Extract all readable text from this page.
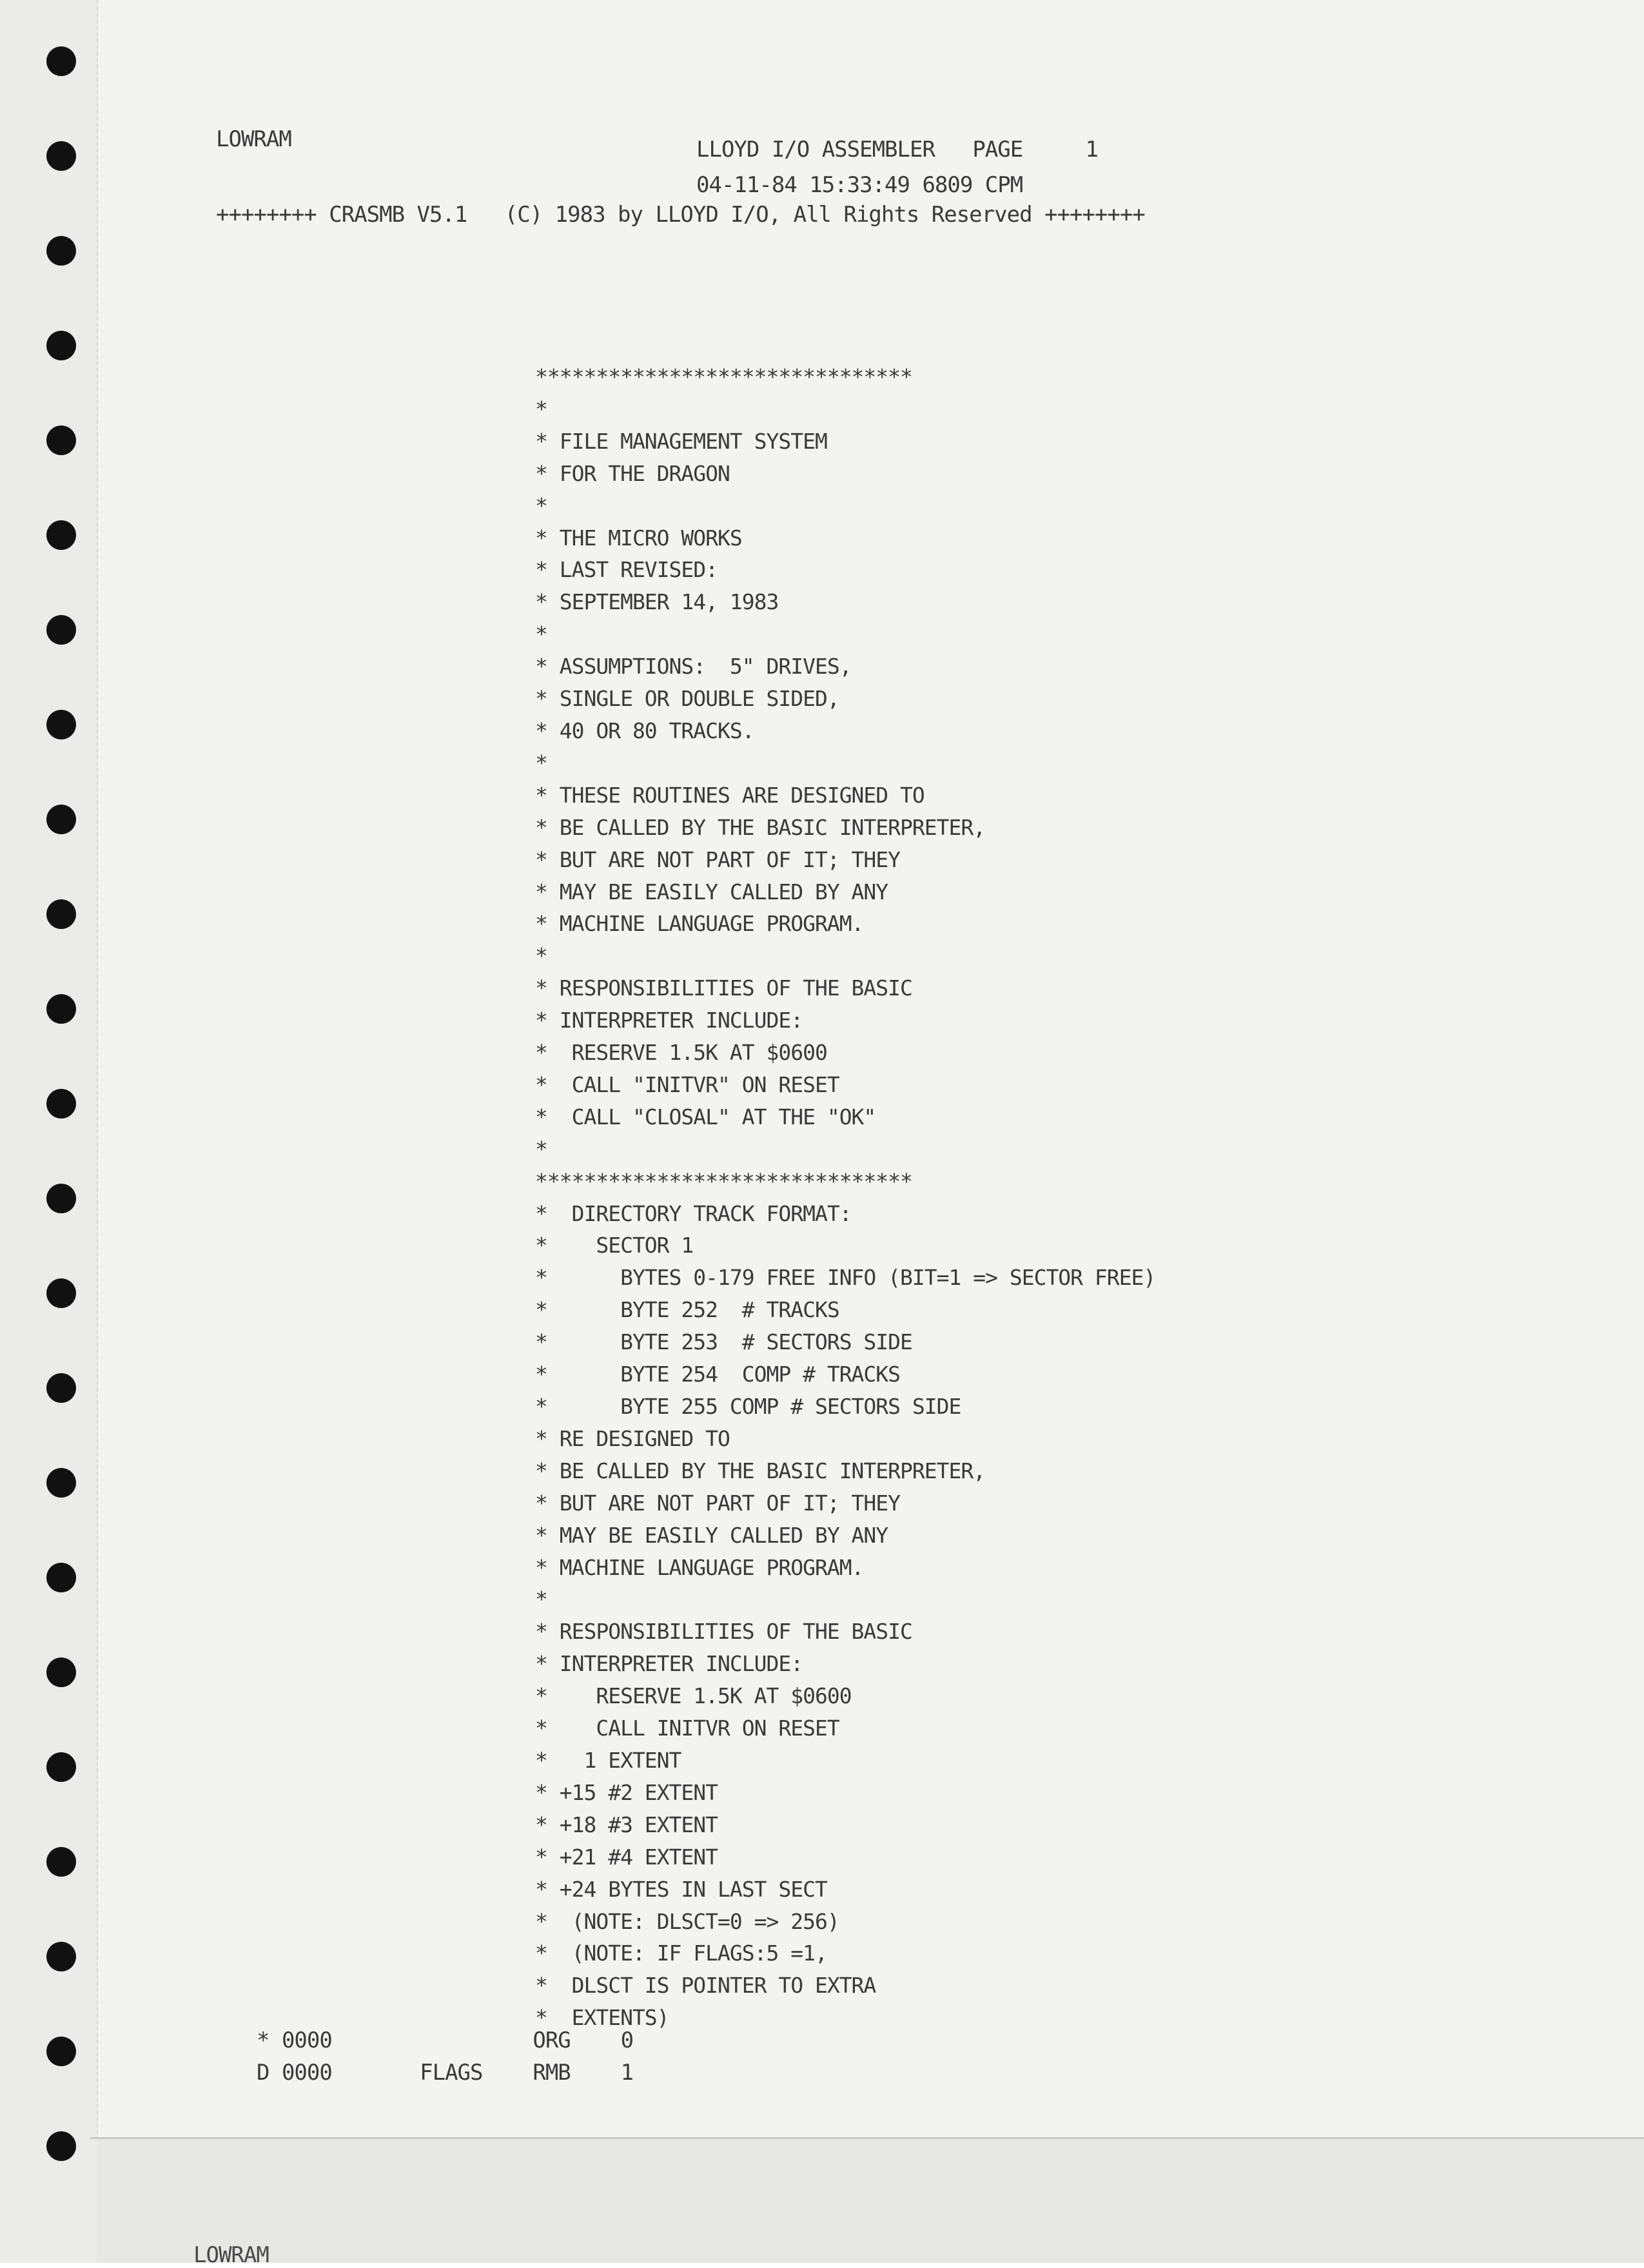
LOWRAM	LLOYD I/O ASSEMBLER   PAGE     1
04-11-84 15:33:49 6809 CPM
++++++++ CRASMB V5.1   (C) 1983 by LLOYD I/O, All Rights Reserved ++++++++
*******************************
*
* FILE MANAGEMENT SYSTEM
* FOR THE DRAGON
*
* THE MICRO WORKS
* LAST REVISED:
* SEPTEMBER 14, 1983
*
* ASSUMPTIONS:  5" DRIVES,
* SINGLE OR DOUBLE SIDED,
* 40 OR 80 TRACKS.
*
* THESE ROUTINES ARE DESIGNED TO
* BE CALLED BY THE BASIC INTERPRETER,
* BUT ARE NOT PART OF IT; THEY
* MAY BE EASILY CALLED BY ANY
* MACHINE LANGUAGE PROGRAM.
*
* RESPONSIBILITIES OF THE BASIC
* INTERPRETER INCLUDE:
*  RESERVE 1.5K AT $0600
*  CALL "INITVR" ON RESET
*  CALL "CLOSAL" AT THE "OK"
*
*******************************
*  DIRECTORY TRACK FORMAT:
*    SECTOR 1
*      BYTES 0-179 FREE INFO (BIT=1 => SECTOR FREE)
*      BYTE 252  # TRACKS
*      BYTE 253  # SECTORS SIDE
*      BYTE 254  COMP # TRACKS
*      BYTE 255 COMP # SECTORS SIDE
* RE DESIGNED TO
* BE CALLED BY THE BASIC INTERPRETER,
* BUT ARE NOT PART OF IT; THEY
* MAY BE EASILY CALLED BY ANY
* MACHINE LANGUAGE PROGRAM.
*
* RESPONSIBILITIES OF THE BASIC
* INTERPRETER INCLUDE:
*    RESERVE 1.5K AT $0600
*    CALL INITVR ON RESET
*   1 EXTENT
* +15 #2 EXTENT
* +18 #3 EXTENT
* +21 #4 EXTENT
* +24 BYTES IN LAST SECT
*  (NOTE: DLSCT=0 => 256)
*  (NOTE: IF FLAGS:5 =1,
*  DLSCT IS POINTER TO EXTRA
*  EXTENTS)
* 0000	ORG    0
D 0000	FLAGS    RMB    1
LOWRAM
